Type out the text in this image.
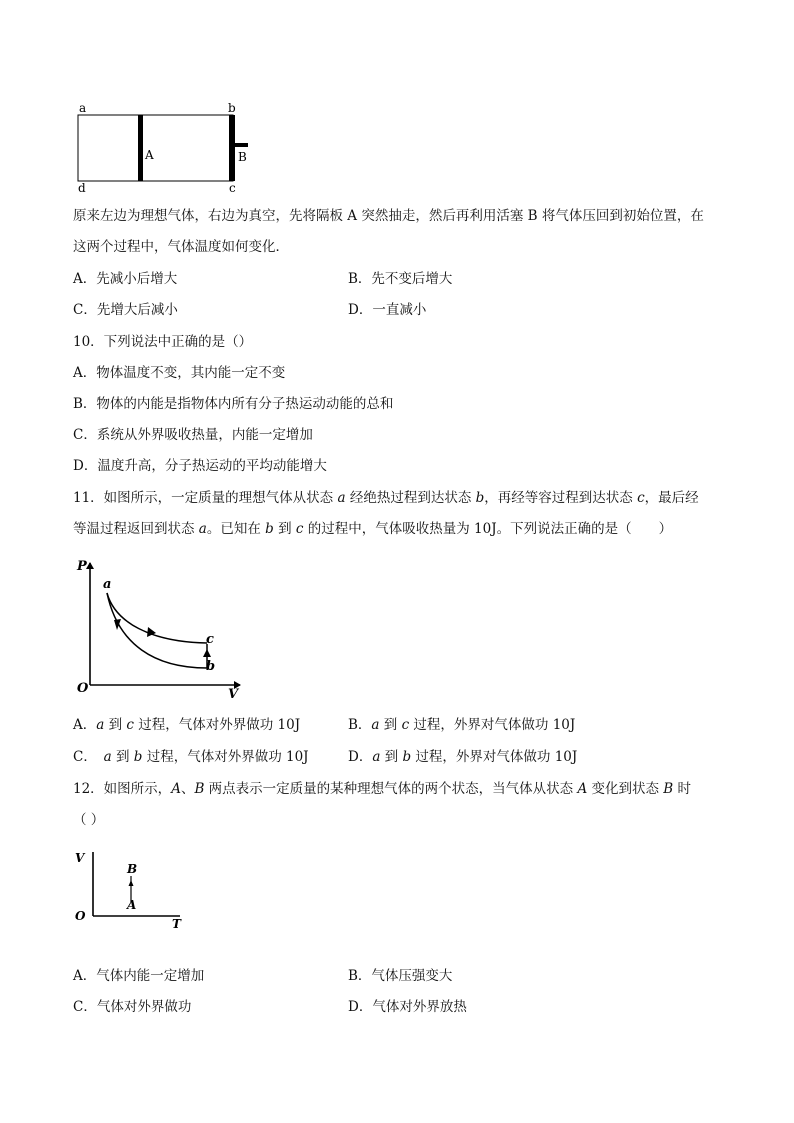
a	b
d	c
A	B
原来左边为理想气体，右边为真空，先将隔板 A 突然抽走，然后再利用活塞 B 将气体压回到初始位置，在
这两个过程中，气体温度如何变化．
A．先减小后增大	B．先不变后增大
C．先增大后减小	D．一直减小
10．下列说法中正确的是（）
A．物体温度不变，其内能一定不变
B．物体的内能是指物体内所有分子热运动动能的总和
C．系统从外界吸收热量，内能一定增加
D．温度升高，分子热运动的平均动能增大
11．如图所示，一定质量的理想气体从状态 a 经绝热过程到达状态 b，再经等容过程到达状态 c，最后经
等温过程返回到状态 a。已知在 b 到 c 的过程中，气体吸收热量为 10J。下列说法正确的是（　　）
P
V
O
a
c
b
A．a 到 c 过程，气体对外界做功 10J	B．a 到 c 过程，外界对气体做功 10J
C．　a 到 b 过程，气体对外界做功 10J	D．a 到 b 过程，外界对气体做功 10J
12．如图所示，A、B 两点表示一定质量的某种理想气体的两个状态，当气体从状态 A 变化到状态 B 时
（ ）
V
T
O
B
A
A．气体内能一定增加	B．气体压强变大
C．气体对外界做功	D．气体对外界放热
